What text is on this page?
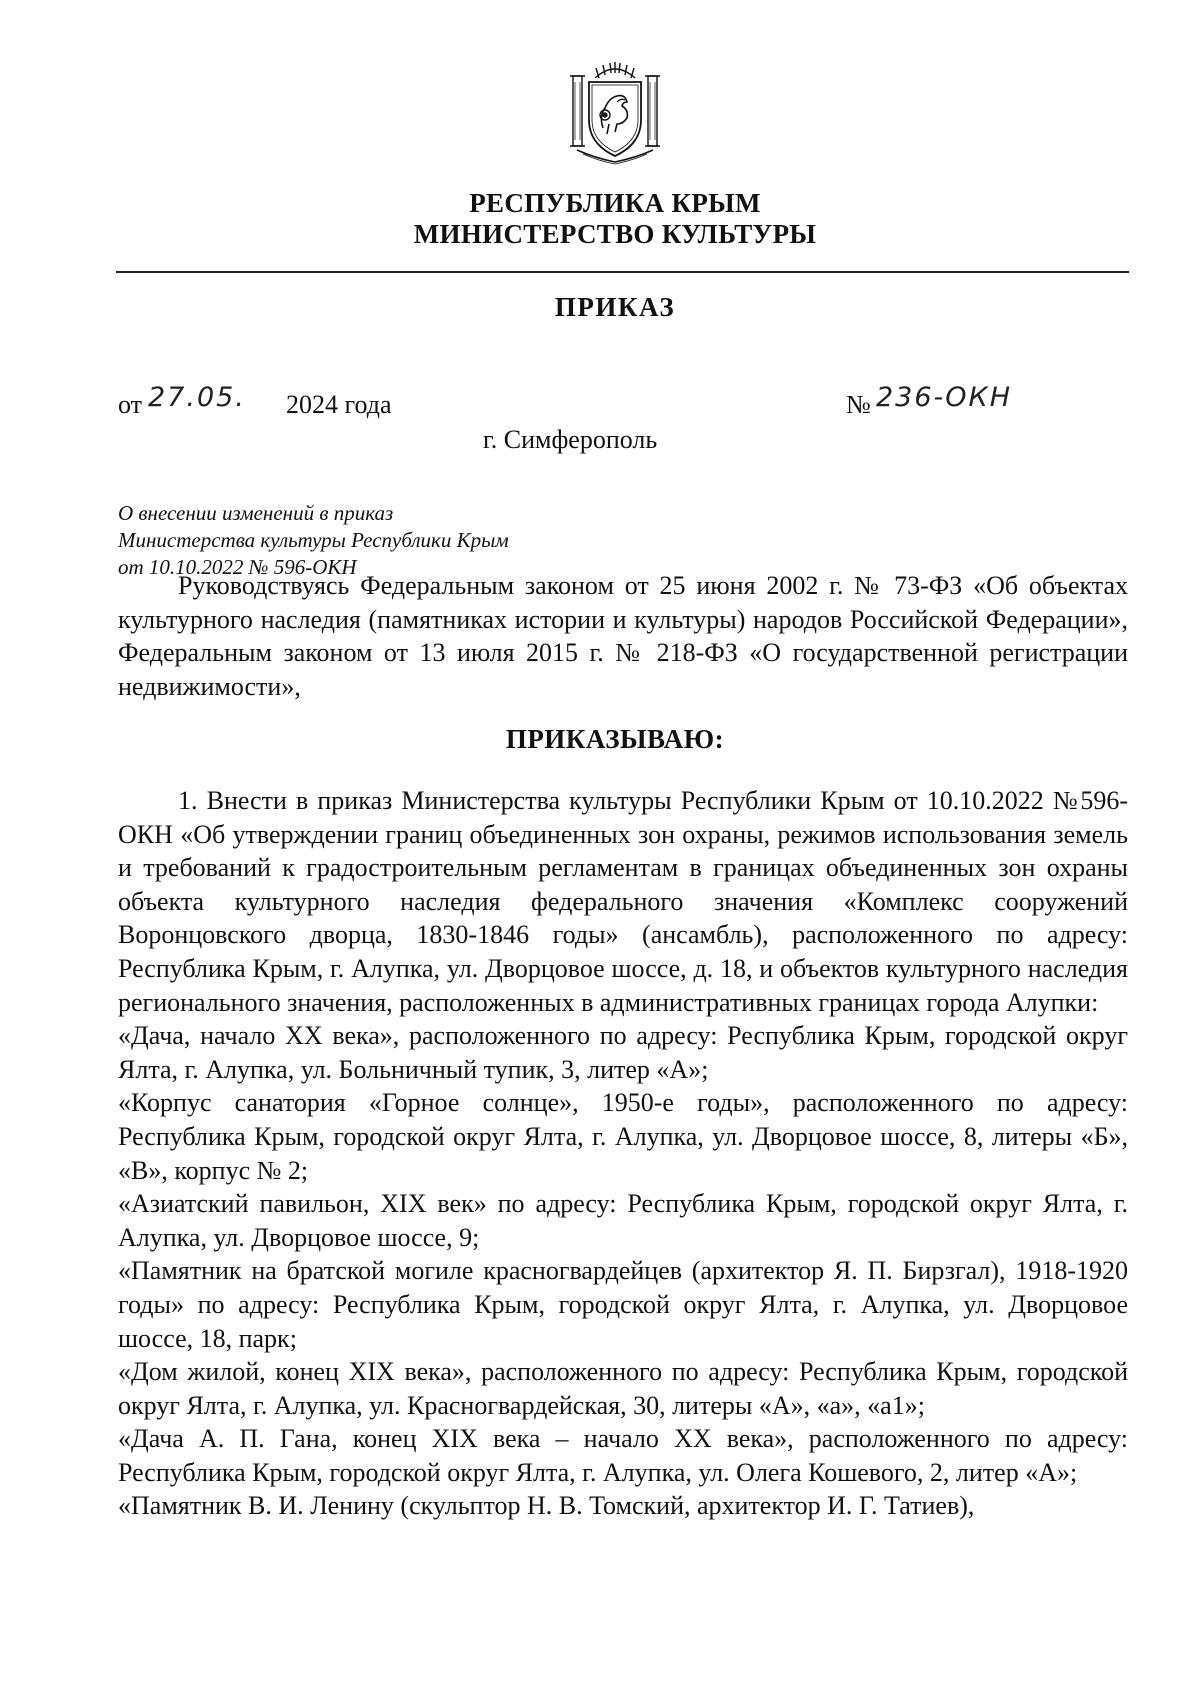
РЕСПУБЛИКА КРЫМ
МИНИСТЕРСТВО КУЛЬТУРЫ
ПРИКАЗ
от 27.05. 2024 года	№ 236-ОКН
г. Симферополь
О внесении изменений в приказ
Министерства культуры Республики Крым
от 10.10.2022 № 596-ОКН

Руководствуясь Федеральным законом от 25 июня 2002 г. № 73-ФЗ «Об объектах культурного наследия (памятниках истории и культуры) народов Российской Федерации», Федеральным законом от 13 июля 2015 г. № 218-ФЗ «О государственной регистрации недвижимости»,

ПРИКАЗЫВАЮ:

1. Внести в приказ Министерства культуры Республики Крым от 10.10.2022 №596-ОКН «Об утверждении границ объединенных зон охраны, режимов использования земель и требований к градостроительным регламентам в границах объединенных зон охраны объекта культурного наследия федерального значения «Комплекс сооружений Воронцовского дворца, 1830-1846 годы» (ансамбль), расположенного по адресу: Республика Крым, г. Алупка, ул. Дворцовое шоссе, д. 18, и объектов культурного наследия регионального значения, расположенных в административных границах города Алупки:

«Дача, начало XX века», расположенного по адресу: Республика Крым, городской округ Ялта, г. Алупка, ул. Больничный тупик, 3, литер «А»;

«Корпус санатория «Горное солнце», 1950-е годы», расположенного по адресу: Республика Крым, городской округ Ялта, г. Алупка, ул. Дворцовое шоссе, 8, литеры «Б», «В», корпус № 2;

«Азиатский павильон, XIX век» по адресу: Республика Крым, городской округ Ялта, г. Алупка, ул. Дворцовое шоссе, 9;

«Памятник на братской могиле красногвардейцев (архитектор Я. П. Бирзгал), 1918-1920 годы» по адресу: Республика Крым, городской округ Ялта, г. Алупка, ул. Дворцовое шоссе, 18, парк;

«Дом жилой, конец XIX века», расположенного по адресу: Республика Крым, городской округ Ялта, г. Алупка, ул. Красногвардейская, 30, литеры «А», «а», «а1»;

«Дача А. П. Гана, конец XIX века – начало XX века», расположенного по адресу: Республика Крым, городской округ Ялта, г. Алупка, ул. Олега Кошевого, 2, литер «А»;

«Памятник В. И. Ленину (скульптор Н. В. Томский, архитектор И. Г. Татиев),
